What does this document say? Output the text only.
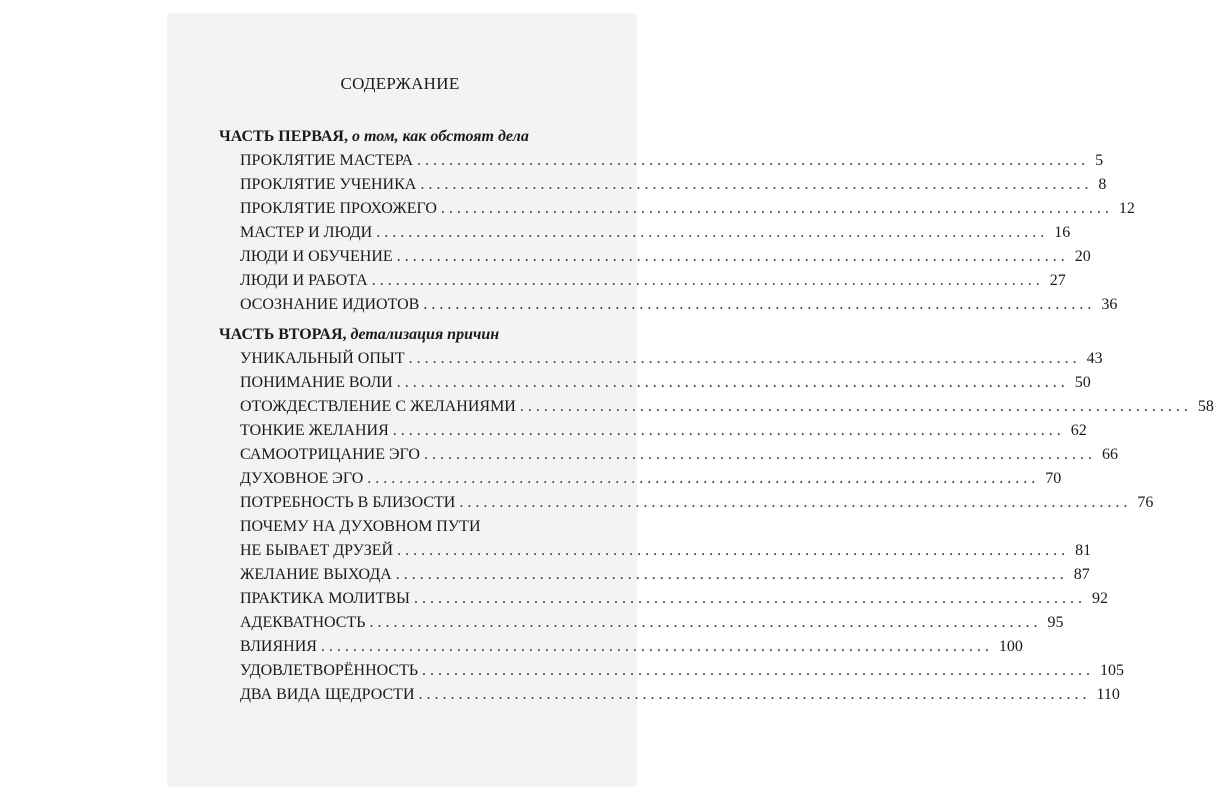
СОДЕРЖАНИЕ
ЧАСТЬ ПЕРВАЯ, о том, как обстоят дела
ПРОКЛЯТИЕ МАСТЕРА .................................................................................... 5
ПРОКЛЯТИЕ УЧЕНИКА .................................................................................... 8
ПРОКЛЯТИЕ ПРОХОЖЕГО .................................................................................... 12
МАСТЕР И ЛЮДИ .................................................................................... 16
ЛЮДИ И ОБУЧЕНИЕ .................................................................................... 20
ЛЮДИ И РАБОТА .................................................................................... 27
ОСОЗНАНИЕ ИДИОТОВ .................................................................................... 36
ЧАСТЬ ВТОРАЯ, детализация причин
УНИКАЛЬНЫЙ ОПЫТ .................................................................................... 43
ПОНИМАНИЕ ВОЛИ .................................................................................... 50
ОТОЖДЕСТВЛЕНИЕ С ЖЕЛАНИЯМИ .................................................................................... 58
ТОНКИЕ ЖЕЛАНИЯ .................................................................................... 62
САМООТРИЦАНИЕ ЭГО .................................................................................... 66
ДУХОВНОЕ ЭГО .................................................................................... 70
ПОТРЕБНОСТЬ В БЛИЗОСТИ .................................................................................... 76
ПОЧЕМУ НА ДУХОВНОМ ПУТИ
НЕ БЫВАЕТ ДРУЗЕЙ .................................................................................... 81
ЖЕЛАНИЕ ВЫХОДА .................................................................................... 87
ПРАКТИКА МОЛИТВЫ .................................................................................... 92
АДЕКВАТНОСТЬ .................................................................................... 95
ВЛИЯНИЯ .................................................................................... 100
УДОВЛЕТВОРЁННОСТЬ .................................................................................... 105
ДВА ВИДА ЩЕДРОСТИ .................................................................................... 110
